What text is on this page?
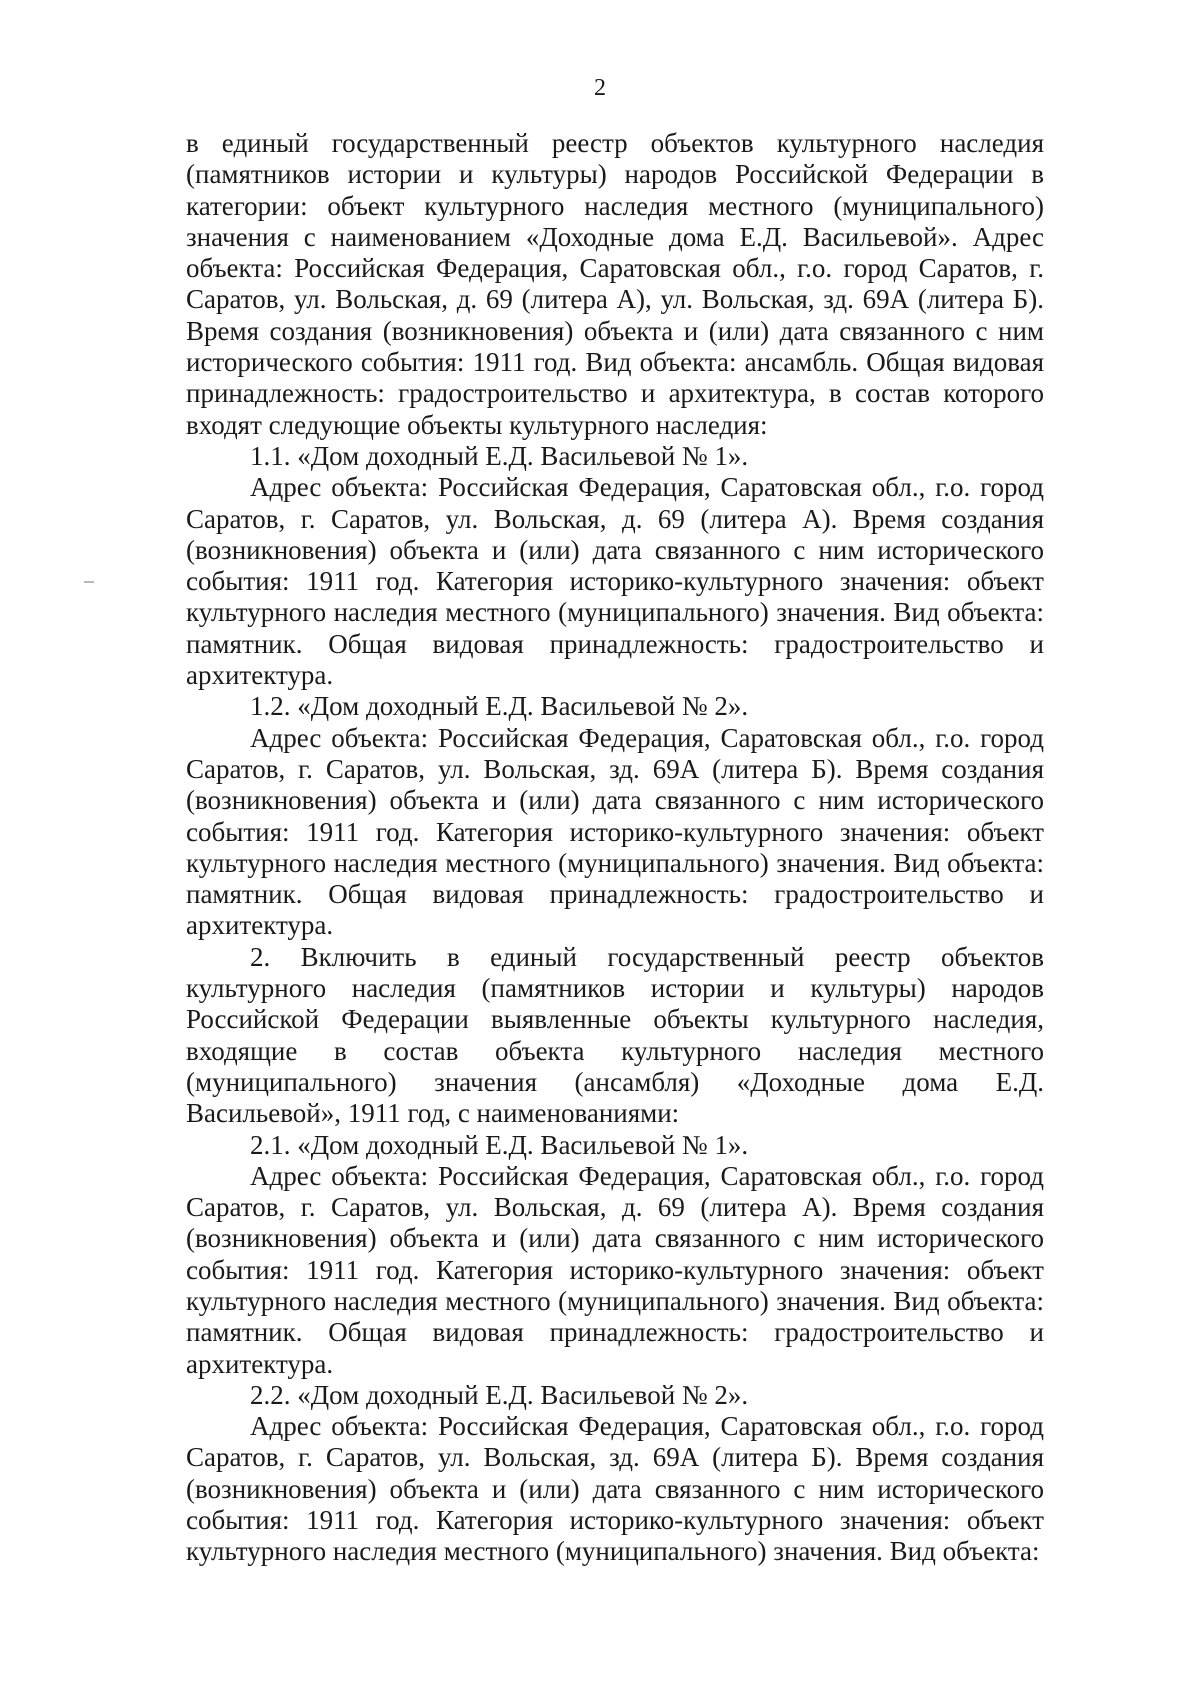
2

в единый государственный реестр объектов культурного наследия (памятников истории и культуры) народов Российской Федерации в категории: объект культурного наследия местного (муниципального) значения с наименованием «Доходные дома Е.Д. Васильевой». Адрес объекта: Российская Федерация, Саратовская обл., г.о. город Саратов, г. Саратов, ул. Вольская, д. 69 (литера А), ул. Вольская, зд. 69А (литера Б). Время создания (возникновения) объекта и (или) дата связанного с ним исторического события: 1911 год. Вид объекта: ансамбль. Общая видовая принадлежность: градостроительство и архитектура, в состав которого входят следующие объекты культурного наследия:

1.1. «Дом доходный Е.Д. Васильевой № 1».

Адрес объекта: Российская Федерация, Саратовская обл., г.о. город Саратов, г. Саратов, ул. Вольская, д. 69 (литера А). Время создания (возникновения) объекта и (или) дата связанного с ним исторического события: 1911 год. Категория историко-культурного значения: объект культурного наследия местного (муниципального) значения. Вид объекта: памятник. Общая видовая принадлежность: градостроительство и архитектура.

1.2. «Дом доходный Е.Д. Васильевой № 2».

Адрес объекта: Российская Федерация, Саратовская обл., г.о. город Саратов, г. Саратов, ул. Вольская, зд. 69А (литера Б). Время создания (возникновения) объекта и (или) дата связанного с ним исторического события: 1911 год. Категория историко-культурного значения: объект культурного наследия местного (муниципального) значения. Вид объекта: памятник. Общая видовая принадлежность: градостроительство и архитектура.

2. Включить в единый государственный реестр объектов культурного наследия (памятников истории и культуры) народов Российской Федерации выявленные объекты культурного наследия, входящие в состав объекта культурного наследия местного (муниципального) значения (ансамбля) «Доходные дома Е.Д. Васильевой», 1911 год, с наименованиями:

2.1. «Дом доходный Е.Д. Васильевой № 1».

Адрес объекта: Российская Федерация, Саратовская обл., г.о. город Саратов, г. Саратов, ул. Вольская, д. 69 (литера А). Время создания (возникновения) объекта и (или) дата связанного с ним исторического события: 1911 год. Категория историко-культурного значения: объект культурного наследия местного (муниципального) значения. Вид объекта: памятник. Общая видовая принадлежность: градостроительство и архитектура.

2.2. «Дом доходный Е.Д. Васильевой № 2».

Адрес объекта: Российская Федерация, Саратовская обл., г.о. город Саратов, г. Саратов, ул. Вольская, зд. 69А (литера Б). Время создания (возникновения) объекта и (или) дата связанного с ним исторического события: 1911 год. Категория историко-культурного значения: объект культурного наследия местного (муниципального) значения. Вид объекта:
